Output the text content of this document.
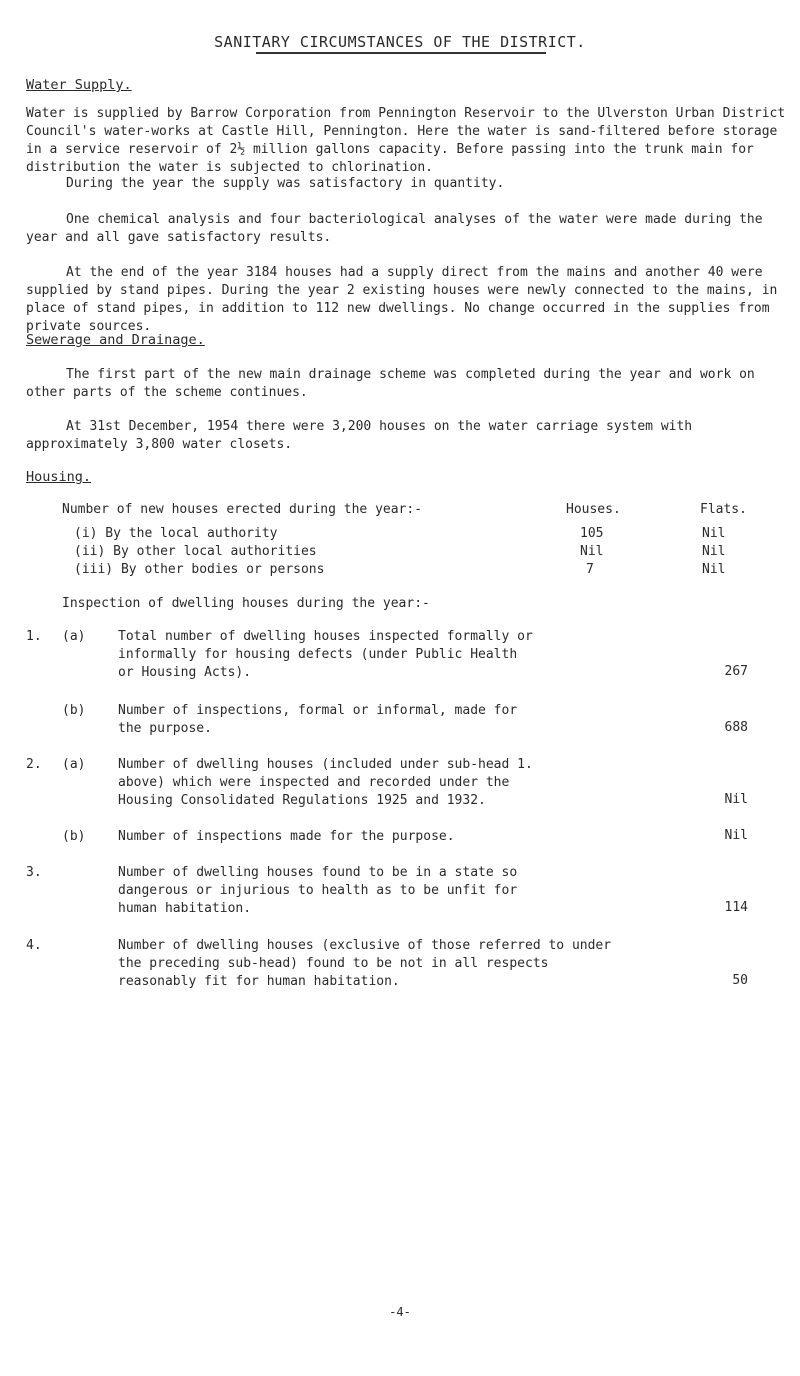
SANITARY CIRCUMSTANCES OF THE DISTRICT.
Water Supply.

Water is supplied by Barrow Corporation from Pennington Reservoir to the Ulverston Urban District Council's water-works at Castle Hill, Pennington. Here the water is sand-filtered before storage in a service reservoir of 2½ million gallons capacity. Before passing into the trunk main for distribution the water is subjected to chlorination.

During the year the supply was satisfactory in quantity.

One chemical analysis and four bacteriological analyses of the water were made during the year and all gave satisfactory results.

At the end of the year 3184 houses had a supply direct from the mains and another 40 were supplied by stand pipes. During the year 2 existing houses were newly connected to the mains, in place of stand pipes, in addition to 112 new dwellings. No change occurred in the supplies from private sources.

Sewerage and Drainage.

The first part of the new main drainage scheme was completed during the year and work on other parts of the scheme continues.

At 31st December, 1954 there were 3,200 houses on the water carriage system with approximately 3,800 water closets.

Housing.
Number of new houses erected during the year:-	Houses.	Flats.
(i) By the local authority	105	Nil
(ii) By other local authorities	Nil	Nil
(iii) By other bodies or persons	7	Nil
Inspection of dwelling houses during the year:-
1. (a)	Total number of dwelling houses inspected formally or informally for housing defects (under Public Health or Housing Acts).	267
(b)	Number of inspections, formal or informal, made for the purpose.	688
2. (a)	Number of dwelling houses (included under sub-head 1. above) which were inspected and recorded under the Housing Consolidated Regulations 1925 and 1932.	Nil
(b)	Number of inspections made for the purpose.	Nil
3.	Number of dwelling houses found to be in a state so dangerous or injurious to health as to be unfit for human habitation.	114
4.	Number of dwelling houses (exclusive of those referred to under the preceding sub-head) found to be not in all respects reasonably fit for human habitation.	50
-4-
